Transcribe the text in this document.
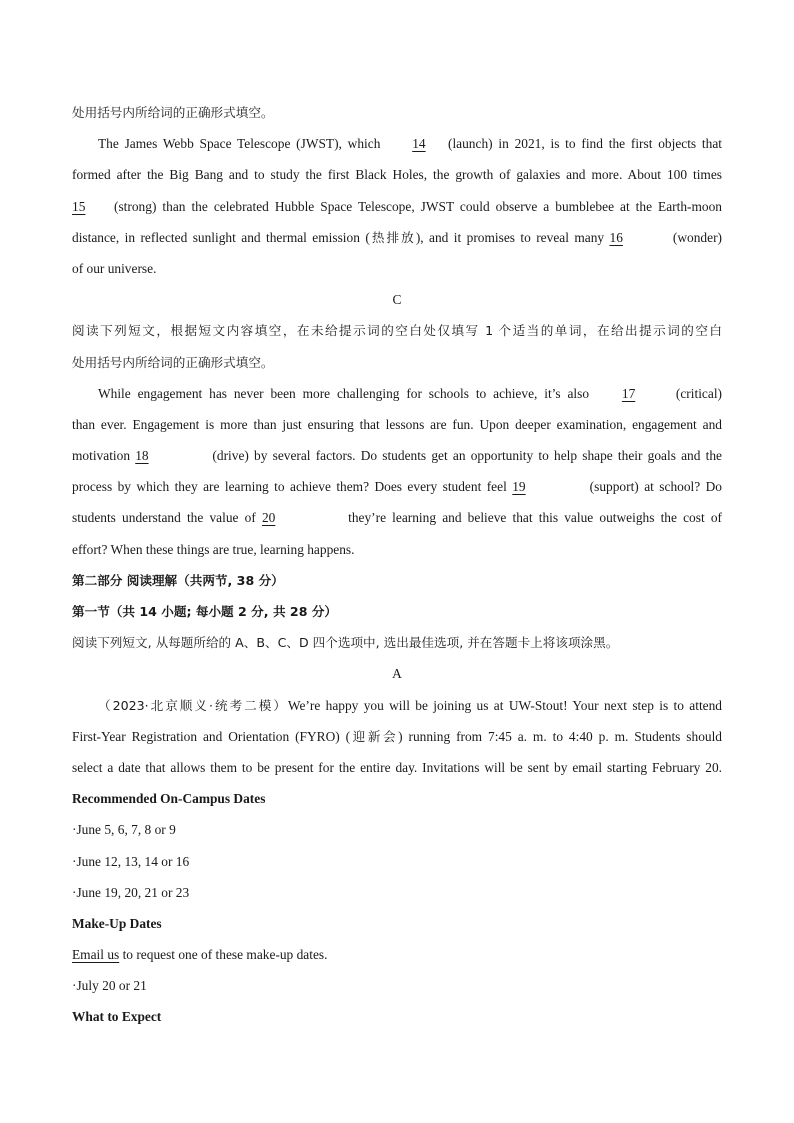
处用括号内所给词的正确形式填空。
The James Webb Space Telescope (JWST), which 14 (launch) in 2021, is to find the first objects that
formed after the Big Bang and to study the first Black Holes, the growth of galaxies and more. About 100 times
15 (strong) than the celebrated Hubble Space Telescope, JWST could observe a bumblebee at the Earth-moon
distance, in reflected sunlight and thermal emission (热排放), and it promises to reveal many 16	(wonder)
of our universe.
C
阅读下列短文，根据短文内容填空，在未给提示词的空白处仅填写 1 个适当的单词，在给出提示词的空白
处用括号内所给词的正确形式填空。
While engagement has never been more challenging for schools to achieve, it’s also 17	(critical)
than ever. Engagement is more than just ensuring that lessons are fun. Upon deeper examination, engagement and
motivation 18	(drive) by several factors. Do students get an opportunity to help shape their goals and the
process by which they are learning to achieve them? Does every student feel 19	(support) at school? Do
students understand the value of 20	they’re learning and believe that this value outweighs the cost of
effort? When these things are true, learning happens.
第二部分 阅读理解（共两节, 38 分）
第一节（共 14 小题; 每小题 2 分, 共 28 分）
阅读下列短文, 从每题所给的 A、B、C、D 四个选项中, 选出最佳选项, 并在答题卡上将该项涂黑。
A
（2023·北京顺义·统考二模）We’re happy you will be joining us at UW-Stout! Your next step is to attend
First-Year Registration and Orientation (FYRO) (迎新会) running from 7:45 a. m. to 4:40 p. m. Students should
select a date that allows them to be present for the entire day. Invitations will be sent by email starting February 20.
Recommended On-Campus Dates
·June 5, 6, 7, 8 or 9
·June 12, 13, 14 or 16
·June 19, 20, 21 or 23
Make-Up Dates
Email us to request one of these make-up dates.
·July 20 or 21
What to Expect
